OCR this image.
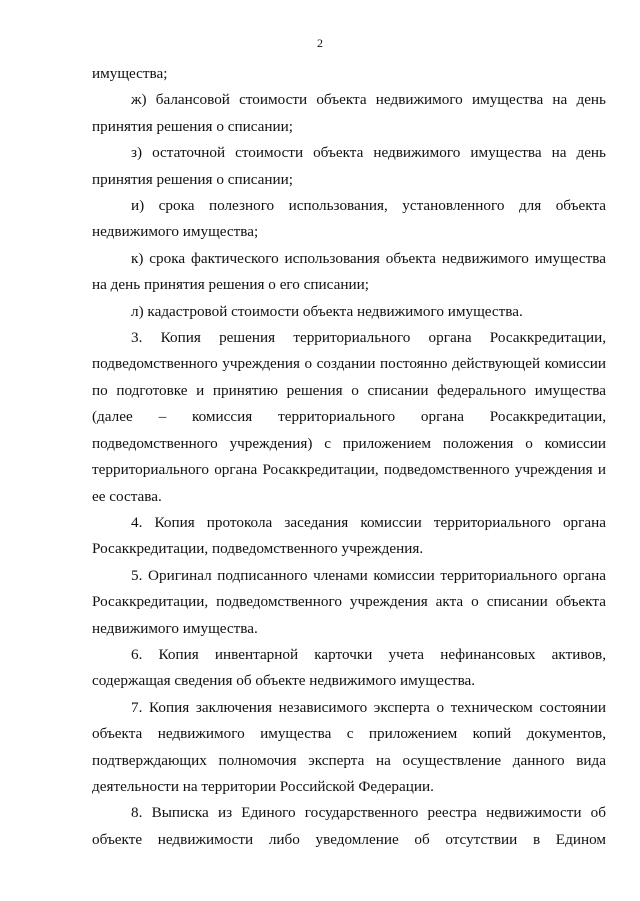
2

имущества;

ж) балансовой стоимости объекта недвижимого имущества на день принятия решения о списании;

з) остаточной стоимости объекта недвижимого имущества на день принятия решения о списании;

и) срока полезного использования, установленного для объекта недвижимого имущества;

к) срока фактического использования объекта недвижимого имущества на день принятия решения о его списании;

л) кадастровой стоимости объекта недвижимого имущества.

3. Копия решения территориального органа Росаккредитации, подведомственного учреждения о создании постоянно действующей комиссии по подготовке и принятию решения о списании федерального имущества (далее – комиссия территориального органа Росаккредитации, подведомственного учреждения) с приложением положения о комиссии территориального органа Росаккредитации, подведомственного учреждения и ее состава.

4. Копия протокола заседания комиссии территориального органа Росаккредитации, подведомственного учреждения.

5. Оригинал подписанного членами комиссии территориального органа Росаккредитации, подведомственного учреждения акта о списании объекта недвижимого имущества.

6. Копия инвентарной карточки учета нефинансовых активов, содержащая сведения об объекте недвижимого имущества.

7. Копия заключения независимого эксперта о техническом состоянии объекта недвижимого имущества с приложением копий документов, подтверждающих полномочия эксперта на осуществление данного вида деятельности на территории Российской Федерации.

8. Выписка из Единого государственного реестра недвижимости об объекте недвижимости либо уведомление об отсутствии в Едином
